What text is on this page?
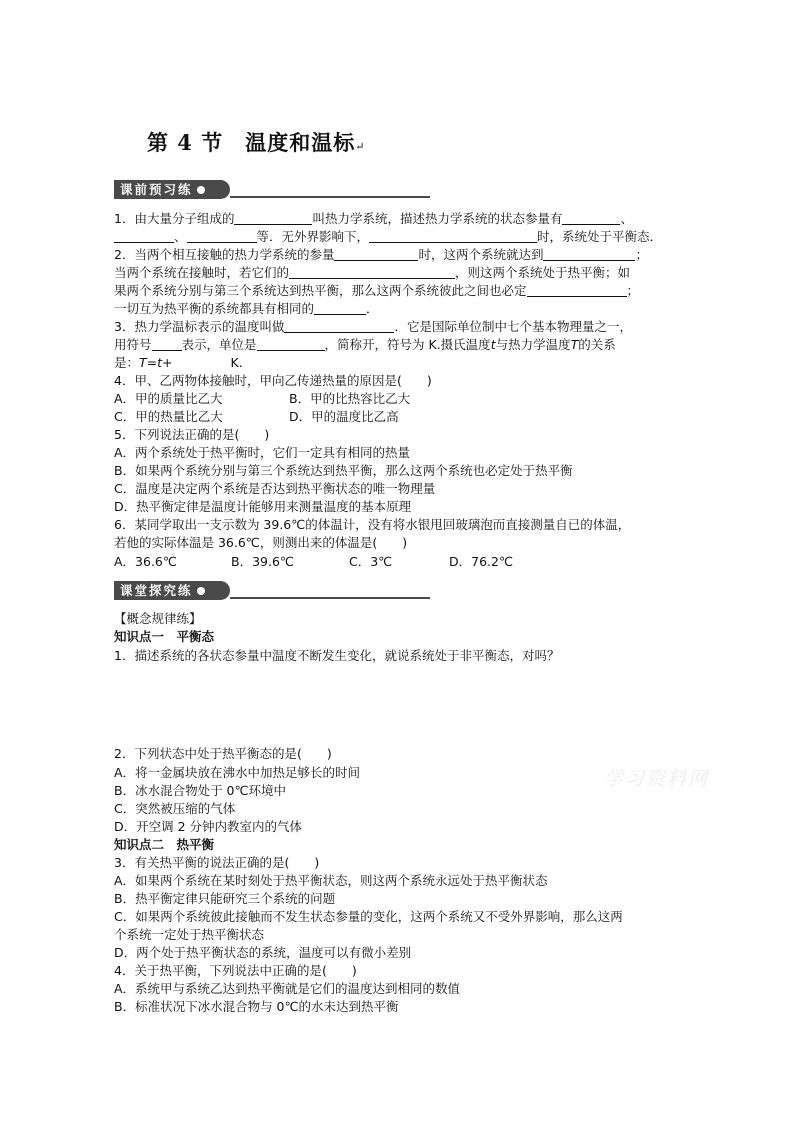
第 4 节　温度和温标↵
课前预习练
1．由大量分子组成的	叫热力学系统，描述热力学系统的状态参量有	、
、	等．无外界影响下，	时，系统处于平衡态．
2．当两个相互接触的热力学系统的参量	时，这两个系统就达到	；
当两个系统在接触时，若它们的	，则这两个系统处于热平衡；如
果两个系统分别与第三个系统达到热平衡，那么这两个系统彼此之间也必定	；
一切互为热平衡的系统都具有相同的	．
3．热力学温标表示的温度叫做	．它是国际单位制中七个基本物理量之一，
用符号 表示，单位是	，简称开，符号为 K.摄氏温度t与热力学温度T的关系
是：T=t+	K.
4．甲、乙两物体接触时，甲向乙传递热量的原因是(　　)
A．甲的质量比乙大	B．甲的比热容比乙大
C．甲的热量比乙大	D．甲的温度比乙高
5．下列说法正确的是(　　)
A．两个系统处于热平衡时，它们一定具有相同的热量
B．如果两个系统分别与第三个系统达到热平衡，那么这两个系统也必定处于热平衡
C．温度是决定两个系统是否达到热平衡状态的唯一物理量
D．热平衡定律是温度计能够用来测量温度的基本原理
6．某同学取出一支示数为 39.6℃的体温计，没有将水银甩回玻璃泡而直接测量自已的体温，
若他的实际体温是 36.6℃，则测出来的体温是(　　)
A．36.6℃	B．39.6℃	C．3℃	D．76.2℃
课堂探究练
【概念规律练】
知识点一　平衡态
1．描述系统的各状态参量中温度不断发生变化，就说系统处于非平衡态，对吗？
2．下列状态中处于热平衡态的是(　　)
A．将一金属块放在沸水中加热足够长的时间
B．冰水混合物处于 0℃环境中
C．突然被压缩的气体
D．开空调 2 分钟内教室内的气体
知识点二　热平衡
3．有关热平衡的说法正确的是(　　)
A．如果两个系统在某时刻处于热平衡状态，则这两个系统永远处于热平衡状态
B．热平衡定律只能研究三个系统的问题
C．如果两个系统彼此接触而不发生状态参量的变化，这两个系统又不受外界影响，那么这两
个系统一定处于热平衡状态
D．两个处于热平衡状态的系统，温度可以有微小差别
4．关于热平衡，下列说法中正确的是(　　)
A．系统甲与系统乙达到热平衡就是它们的温度达到相同的数值
B．标准状况下冰水混合物与 0℃的水未达到热平衡
学习资料网
